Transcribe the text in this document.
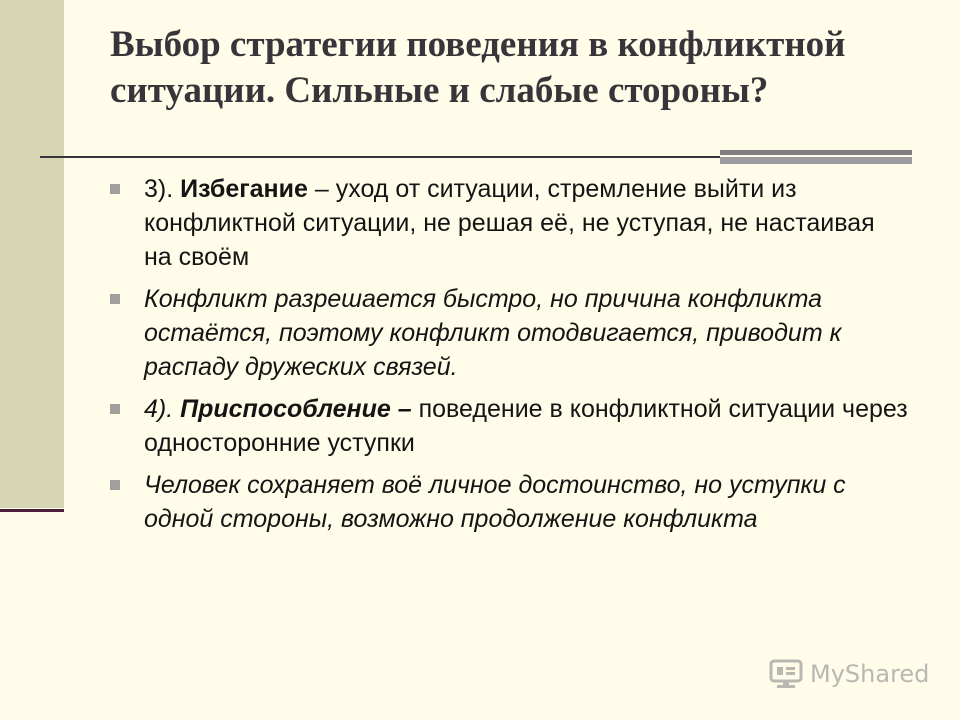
Выбор стратегии поведения в конфликтной ситуации. Сильные и слабые стороны?
3). Избегание – уход от ситуации, стремление выйти из конфликтной ситуации, не решая её, не уступая, не настаивая на своём
Конфликт разрешается быстро, но причина конфликта остаётся, поэтому конфликт отодвигается, приводит к распаду дружеских связей.
4). Приспособление – поведение в конфликтной ситуации через односторонние уступки
Человек сохраняет воё личное достоинство, но уступки с одной стороны, возможно продолжение конфликта
MyShared
